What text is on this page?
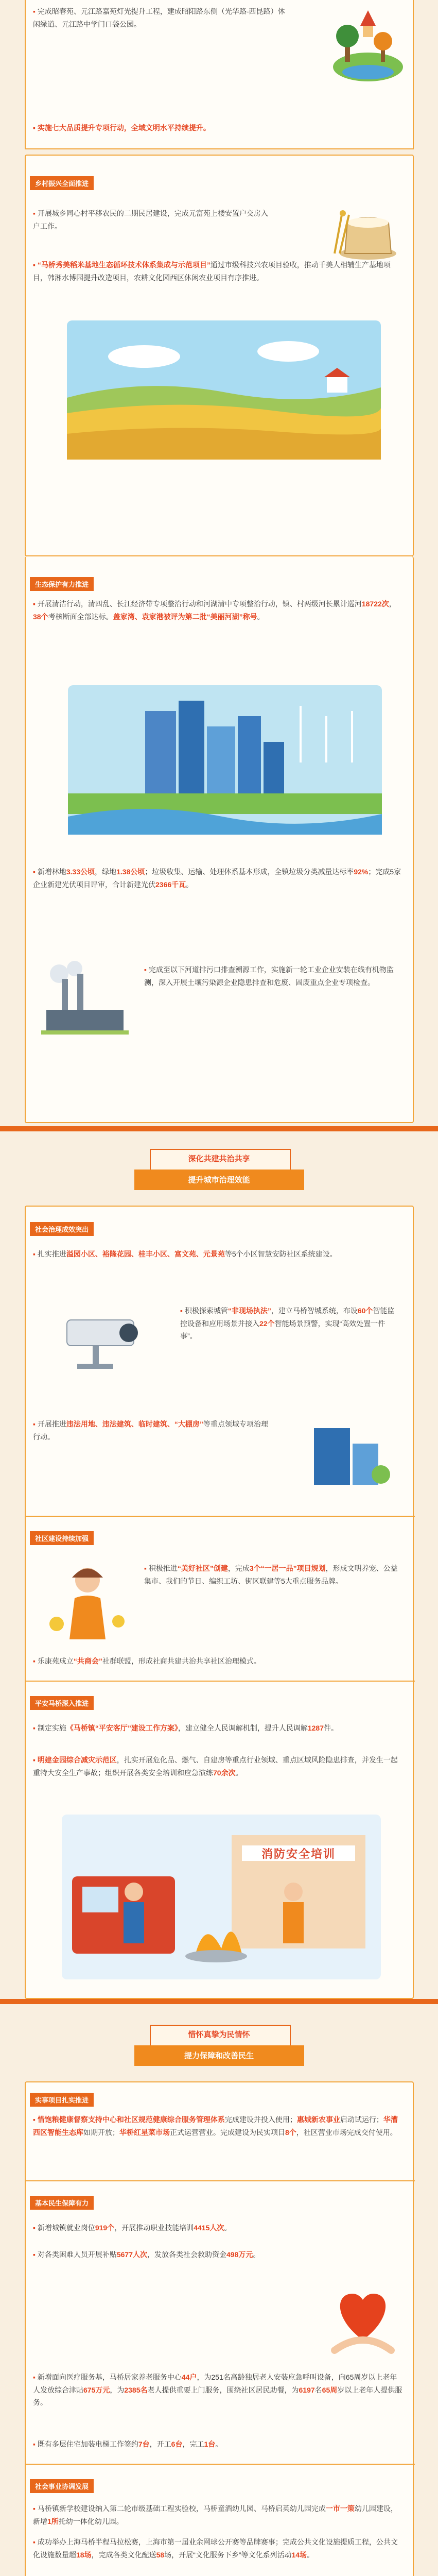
▪ 完成昭春苑、元江路嘉苑灯光提升工程，建成昭阳路东侧（光华路-西昆路）休闲绿道、元江路中学门口袋公园。

▪ 实施七大品质提升专项行动，全域文明水平持续提升。

乡村振兴全面推进

▪ 开展城乡同心村平移农民的二期民居建设，完成元富苑上楼安置户交房入户工作。

▪ “马桥秀美稻米基地生态循环技术体系集成与示范项目”通过市级科技兴农项目验收，推动千美人相辅生产基地项目，韩湘水博园提升改造项目，农耕文化园西区休闲农业项目有序推进。

生态保护有力推进

▪ 开展清洁行动，清四乱、长江经济带专项整治行动和河湖清中专项整治行动，镇、村两级河长累计巡河18722次，38个考核断面全部达标。盖家湾、袁家港被评为第二批“美丽河湖”称号。

▪ 新增林地3.33公顷，绿地1.38公顷；垃圾收集、运输、处理体系基本形成，全镇垃圾分类减量达标率92%；完成5家企业新建光伏项目评审，合计新建光伏2366千瓦。

▪ 完成至以下河道排污口排查溯源工作，实施新一轮工业企业安装在线有机物监测，深入开展土壤污染源企业隐患排查和危废、固废重点企业专项检查。

深化共建共治共享
提升城市治理效能
社会治理成效突出

▪ 扎实推进溢园小区、裕隆花园、桂丰小区、富文苑、元景苑等5个小区智慧安防社区系统建设。

▪ 积极探索城管“非现场执法”，建立马桥智城系统，布设60个智能监控设备和应用场景并接入22个智能场景预警，实现“高效处置一件事”。

▪ 开展推进违法用地、违法建筑、临时建筑、“大棚房”等重点领域专项治理行动。

社区建设持续加强

▪ 积极推进“美好社区”创建，完成3个“一居一品”项目规划，形成文明养宠、公益集市、我们的节日、编织工坊、街区联建等5大重点服务品牌。

▪ 乐康苑成立“共商会”社群联盟，形成社商共建共治共享社区治理模式。

平安马桥深入推进

▪ 制定实施《马桥镇“平安客厅”建设工作方案》，建立健全人民调解机制，提升人民调解1287件。

▪ 明建金园综合减灾示范区，扎实开展危化品、燃气、自建房等重点行业领域、重点区域风险隐患排查，并发生一起重特大安全生产事故；组织开展各类安全培训和应急演练70余次。

消防安全培训
惜怀真挚为民情怀
提力保障和改善民生
实事项目扎实推进

▪ 惜饱粮健康督察支持中心和社区规范健康综合服务管理体系完成建设并投入使用；惠城新农事业启动试运行；华漕西区智能生态库如期开放；华桥红星菜市场正式运营营业。完成建设为民实项目8个，社区营业市场完成交付使用。

基本民生保障有力

▪ 新增城镇就业岗位919个，开展推动职业技能培训4415人次。

▪ 对各类困难人员开展补贴5677人次，发放各类社会救助资金498万元。

▪ 新增面向医疗服务基，马桥居家养老服务中心44户，为251名高龄独居老人安装应急呼叫设备，向65周岁以上老年人发放综合津贴675万元，为2385名老人提供重要上门服务，围绕社区居民助餐，为6197名65周岁以上老年人提供服务。

▪ 既有多层住宅加装电梯工作签约7台，开工6台，完工1台。

社会事业协调发展

▪ 马桥镇新学校建设纳入第二轮市级基础工程实验校，马桥童酒幼儿园、马桥启英幼儿园完成一市一策幼儿园建设，新增1所托幼一体化幼儿园。

▪ 成功举办上海马桥半程马拉松赛，上海市第一届业余网球公开赛等品牌赛事；完成公共文化设施提质工程，公共文化设施数量超18场，完成各类文化配送58场，开展“文化服务下乡”等文化系列活动14场。
